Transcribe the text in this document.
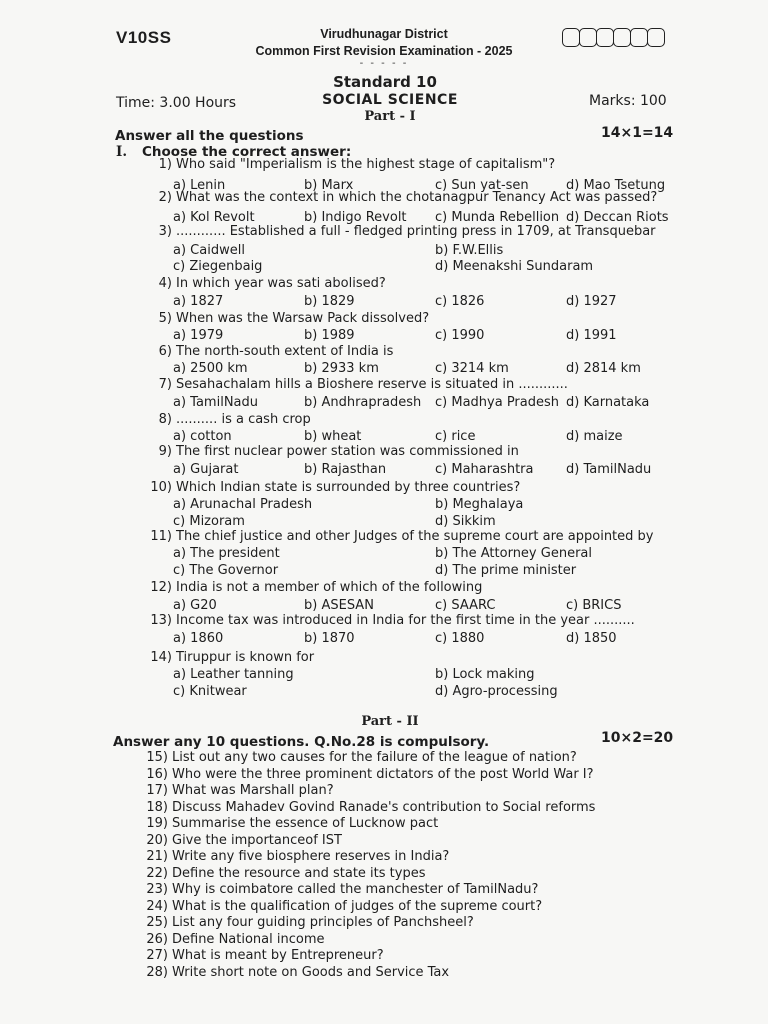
V10SS	Virudhunagar District
Common First Revision Examination - 2025
- - - - -
Standard 10
SOCIAL SCIENCE
Time: 3.00 Hours	Marks: 100
Part - I
Answer all the questions	14×1=14
I. Choose the correct answer:
1) Who said "Imperialism is the highest stage of capitalism"?
a) Lenin	b) Marx	c) Sun yat-sen	d) Mao Tsetung
2) What was the context in which the chotanagpur Tenancy Act was passed?
a) Kol Revolt	b) Indigo Revolt c) Munda Rebellion d) Deccan Riots
3) ............ Established a full - fledged printing press in 1709, at Transquebar
a) Caidwell	b) F.W.Ellis
c) Ziegenbaig	d) Meenakshi Sundaram
4) In which year was sati abolised?
a) 1827	b) 1829	c) 1826	d) 1927
5) When was the Warsaw Pack dissolved?
a) 1979	b) 1989	c) 1990	d) 1991
6) The north-south extent of India is
a) 2500 km	b) 2933 km	c) 3214 km	d) 2814 km
7) Sesahachalam hills a Bioshere reserve is situated in ............
a) TamilNadu	b) Andhrapradesh c) Madhya Pradesh d) Karnataka
8) .......... is a cash crop
a) cotton	b) wheat	c) rice	d) maize
9) The first nuclear power station was commissioned in
a) Gujarat	b) Rajasthan	c) Maharashtra	d) TamilNadu
10) Which Indian state is surrounded by three countries?
a) Arunachal Pradesh	b) Meghalaya
c) Mizoram	d) Sikkim
11) The chief justice and other Judges of the supreme court are appointed by
a) The president	b) The Attorney General
c) The Governor	d) The prime minister
12) India is not a member of which of the following
a) G20	b) ASESAN	c) SAARC	c) BRICS
13) Income tax was introduced in India for the first time in the year ..........
a) 1860	b) 1870	c) 1880	d) 1850
14) Tiruppur is known for
a) Leather tanning	b) Lock making
c) Knitwear	d) Agro-processing
Part - II
Answer any 10 questions. Q.No.28 is compulsory.	10×2=20
15) List out any two causes for the failure of the league of nation?
16) Who were the three prominent dictators of the post World War I?
17) What was Marshall plan?
18) Discuss Mahadev Govind Ranade's contribution to Social reforms
19) Summarise the essence of Lucknow pact
20) Give the importanceof IST
21) Write any five biosphere reserves in India?
22) Define the resource and state its types
23) Why is coimbatore called the manchester of TamilNadu?
24) What is the qualification of judges of the supreme court?
25) List any four guiding principles of Panchsheel?
26) Define National income
27) What is meant by Entrepreneur?
28) Write short note on Goods and Service Tax
